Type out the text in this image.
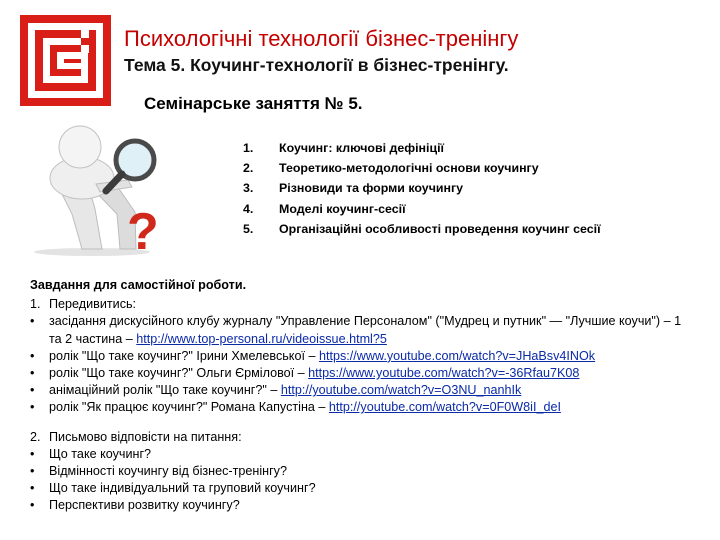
Психологічні технології бізнес-тренінгу
Тема 5. Коучинг-технології в бізнес-тренінгу.
Семінарське заняття № 5.
?
1.	Коучинг: ключові дефініції
2.	Теоретико-методологічні основи коучингу
3.	Різновиди та форми коучингу
4.	Моделі коучинг-сесії
5.	Організаційні особливості проведення коучинг сесії
Завдання для самостійної роботи.
1. Передивитись:
•	засідання дискусійного клубу журналу "Управление Персоналом" ("Мудрец и путник" — "Лучшие коучи") – 1 та 2 частина – http://www.top-personal.ru/videoissue.html?5
•	ролік "Що таке коучинг?" Ірини Хмелевської – https://www.youtube.com/watch?v=JHaBsv4INOk
•	ролік "Що таке коучинг?" Ольги Єрмілової – https://www.youtube.com/watch?v=-36Rfau7K08
•	анімаційний ролік "Що таке коучинг?" – http://youtube.com/watch?v=O3NU_nanhIk
•	ролік "Як працює коучинг?" Романа Капустіна – http://youtube.com/watch?v=0F0W8iI_deI
2. Письмово відповісти на питання:
•	Що таке коучинг?
•	Відмінності коучингу від бізнес-тренінгу?
•	Що таке індивідуальний та груповий коучинг?
•	Перспективи розвитку коучингу?
